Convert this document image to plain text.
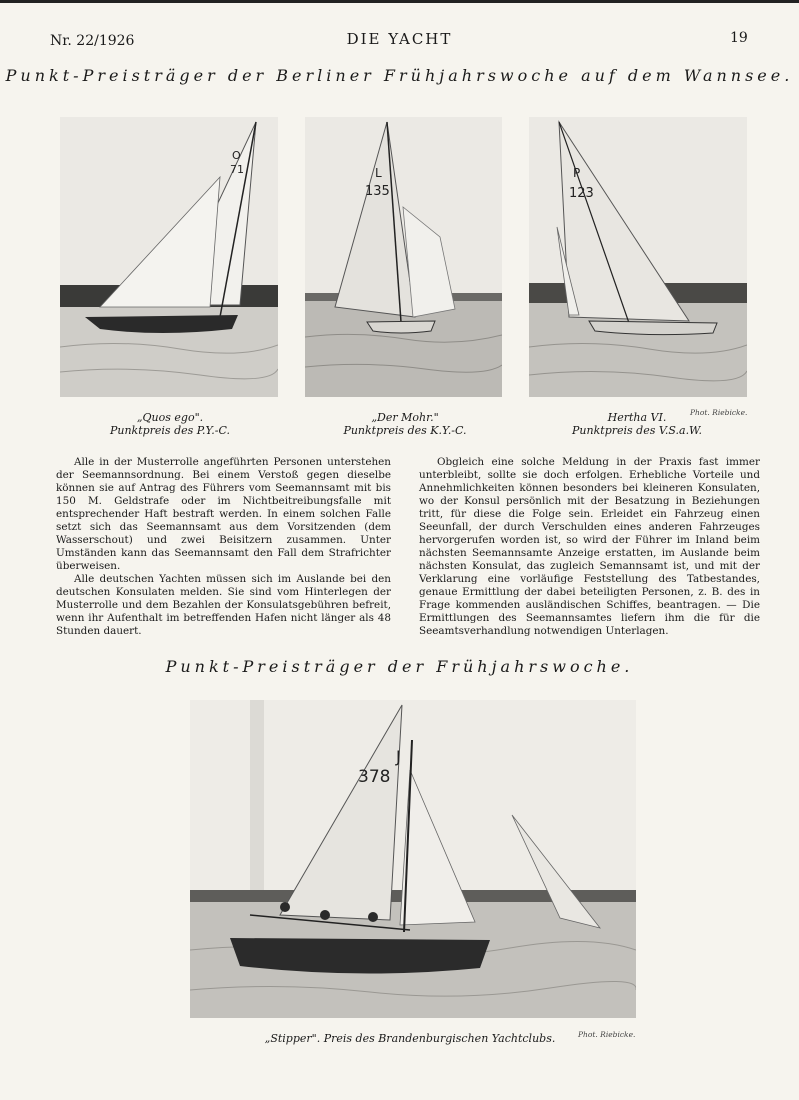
Nr. 22/1926	DIE YACHT	19
Punkt-Preisträger der Berliner Frühjahrswoche auf dem Wannsee.
O
71	L
135
P
123
„Quos ego".
Punktpreis des P.Y.-C.
„Der Mohr."
Punktpreis des K.Y.-C.
Hertha VI.
Punktpreis des V.S.a.W.
Phot. Riebicke.

Alle in der Musterrolle angeführten Personen unterstehen der Seemannsordnung. Bei einem Verstoß gegen dieselbe können sie auf Antrag des Führers vom Seemannsamt mit bis 150 M. Geldstrafe oder im Nichtbeitreibungsfalle mit entsprechender Haft bestraft werden. In einem solchen Falle setzt sich das Seemannsamt aus dem Vorsitzenden (dem Wasserschout) und zwei Beisitzern zusammen. Unter Umständen kann das Seemannsamt den Fall dem Strafrichter überweisen.

Alle deutschen Yachten müssen sich im Auslande bei den deutschen Konsulaten melden. Sie sind vom Hinterlegen der Musterrolle und dem Bezahlen der Konsulatsgebühren befreit, wenn ihr Aufenthalt im betreffenden Hafen nicht länger als 48 Stunden dauert.

Obgleich eine solche Meldung in der Praxis fast immer unterbleibt, sollte sie doch erfolgen. Erhebliche Vorteile und Annehmlichkeiten können besonders bei kleineren Konsulaten, wo der Konsul persönlich mit der Besatzung in Beziehungen tritt, für diese die Folge sein. Erleidet ein Fahrzeug einen Seeunfall, der durch Verschulden eines anderen Fahrzeuges hervorgerufen worden ist, so wird der Führer im Inland beim nächsten Seemannsamte Anzeige erstatten, im Auslande beim nächsten Konsulat, das zugleich Semannsamt ist, und mit der Verklarung eine vorläufige Feststellung des Tatbestandes, genaue Ermittlung der dabei beteiligten Personen, z. B. des in Frage kommenden ausländischen Schiffes, beantragen. — Die Ermittlungen des Seemannsamtes liefern ihm die für die Seeamtsverhandlung notwendigen Unterlagen.

Punkt-Preisträger der Frühjahrswoche.
J
378
„Stipper". Preis des Brandenburgischen Yachtclubs.	Phot. Riebicke.
